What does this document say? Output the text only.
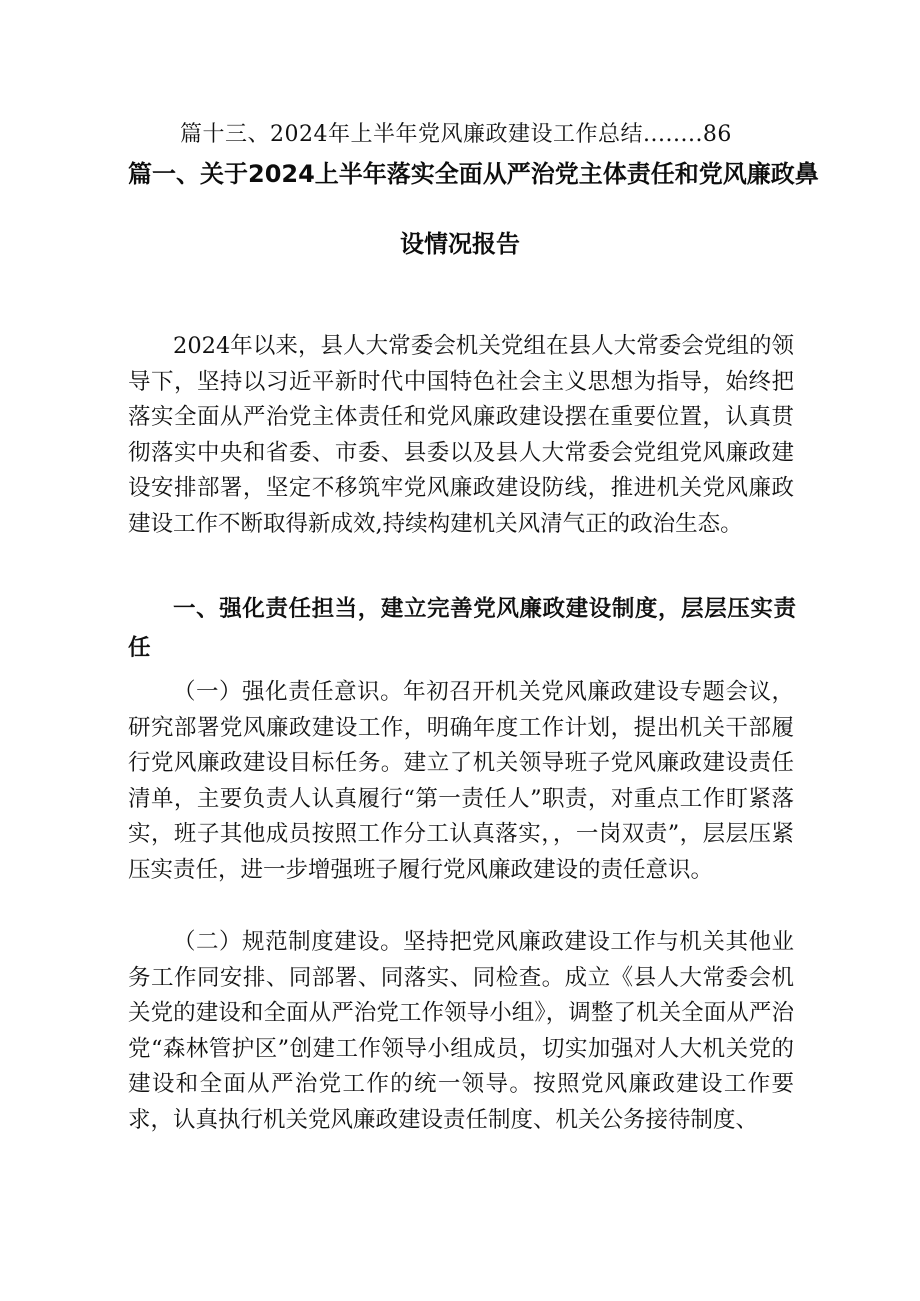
篇十三、2024年上半年党风廉政建设工作总结........86
篇一、关于2024上半年落实全面从严治党主体责任和党风廉政鼻
设情况报告

2024年以来，县人大常委会机关党组在县人大常委会党组的领导下，坚持以习近平新时代中国特色社会主义思想为指导，始终把落实全面从严治党主体责任和党风廉政建设摆在重要位置，认真贯彻落实中央和省委、市委、县委以及县人大常委会党组党风廉政建设安排部署，坚定不移筑牢党风廉政建设防线，推进机关党风廉政建设工作不断取得新成效,持续构建机关风清气正的政治生态。

一、强化责任担当，建立完善党风廉政建设制度，层层压实责任

（一）强化责任意识。年初召开机关党风廉政建设专题会议，研究部署党风廉政建设工作，明确年度工作计划，提出机关干部履行党风廉政建设目标任务。建立了机关领导班子党风廉政建设责任清单，主要负责人认真履行“第一责任人”职责，对重点工作盯紧落实，班子其他成员按照工作分工认真落实，，一岗双责”，层层压紧压实责任，进一步增强班子履行党风廉政建设的责任意识。

（二）规范制度建设。坚持把党风廉政建设工作与机关其他业务工作同安排、同部署、同落实、同检查。成立《县人大常委会机关党的建设和全面从严治党工作领导小组》，调整了机关全面从严治党“森林管护区”创建工作领导小组成员，切实加强对人大机关党的建设和全面从严治党工作的统一领导。按照党风廉政建设工作要求，认真执行机关党风廉政建设责任制度、机关公务接待制度、
